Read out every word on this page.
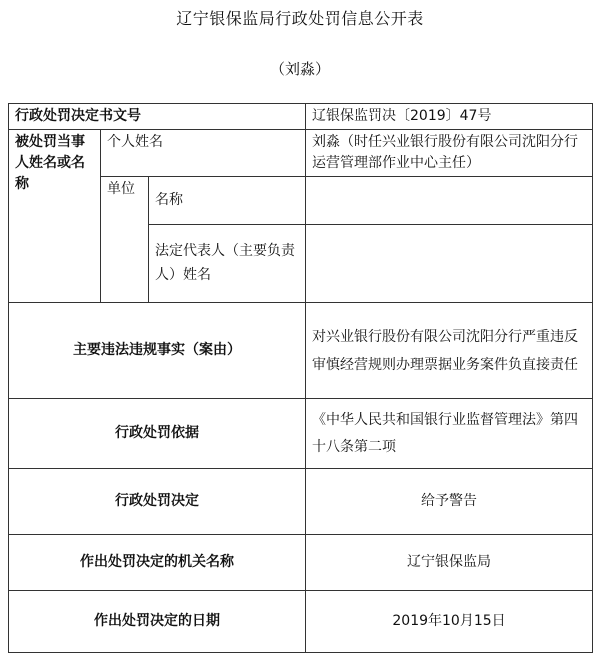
辽宁银保监局行政处罚信息公开表
（刘淼）
行政处罚决定书文号			辽银保监罚决〔2019〕47号
被处罚当事人姓名或名称	个人姓名		刘淼（时任兴业银行股份有限公司沈阳分行运营管理部作业中心主任）
	单位	名称	
		法定代表人（主要负责人）姓名	
主要违法违规事实（案由）			对兴业银行股份有限公司沈阳分行严重违反审慎经营规则办理票据业务案件负直接责任
行政处罚依据			《中华人民共和国银行业监督管理法》第四十八条第二项
行政处罚决定			给予警告
作出处罚决定的机关名称			辽宁银保监局
作出处罚决定的日期			2019年10月15日
